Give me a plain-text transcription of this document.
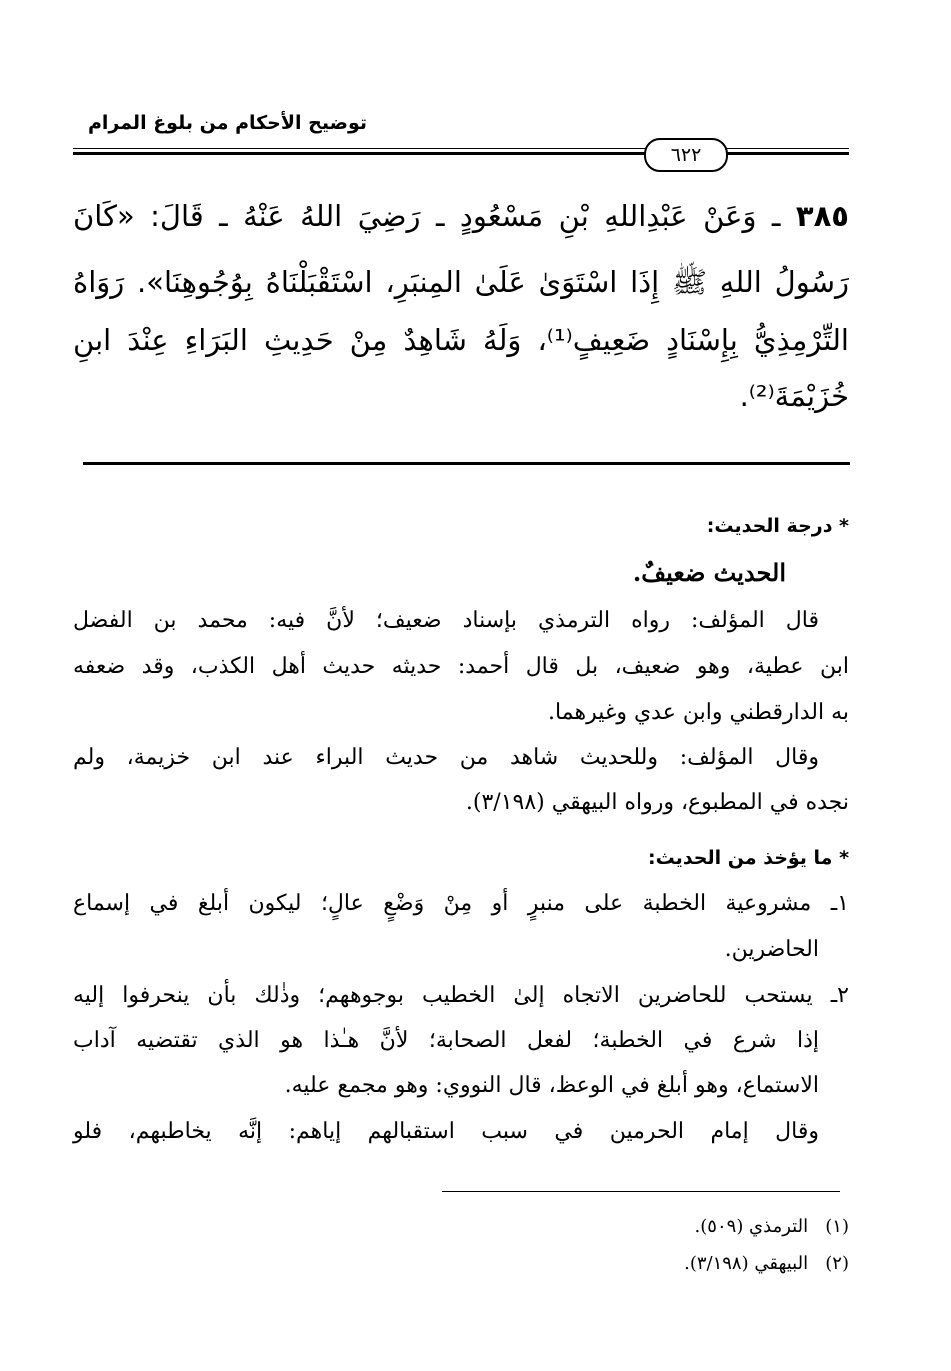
توضيح الأحكام من بلوغ المرام
٦٢٢
٣٨٥ ـ وَعَنْ عَبْدِاللهِ بْنِ مَسْعُودٍ ـ رَضِيَ اللهُ عَنْهُ ـ قَالَ: «كَانَ
رَسُولُ اللهِ ﷺ إِذَا اسْتَوَىٰ عَلَىٰ المِنبَرِ، اسْتَقْبَلْنَاهُ بِوُجُوهِنَا». رَوَاهُ
التِّرْمِذِيُّ بِإِسْنَادٍ ضَعِيفٍ⁽¹⁾، وَلَهُ شَاهِدٌ مِنْ حَدِيثِ البَرَاءِ عِنْدَ ابنِ
خُزَيْمَةَ⁽²⁾.
* درجة الحديث:
الحديث ضعيفٌ.
قال المؤلف: رواه الترمذي بإسناد ضعيف؛ لأنَّ فيه: محمد بن الفضل
ابن عطية، وهو ضعيف، بل قال أحمد: حديثه حديث أهل الكذب، وقد ضعفه
به الدارقطني وابن عدي وغيرهما.
وقال المؤلف: وللحديث شاهد من حديث البراء عند ابن خزيمة، ولم
نجده في المطبوع، ورواه البيهقي (٣/١٩٨).
* ما يؤخذ من الحديث:
١ـ مشروعية الخطبة على منبرٍ أو مِنْ وَضْعٍ عالٍ؛ ليكون أبلغ في إسماع
الحاضرين.
٢ـ يستحب للحاضرين الاتجاه إلىٰ الخطيب بوجوههم؛ وذٰلك بأن ينحرفوا إليه
إذا شرع في الخطبة؛ لفعل الصحابة؛ لأنَّ هـٰذا هو الذي تقتضيه آداب
الاستماع، وهو أبلغ في الوعظ، قال النووي: وهو مجمع عليه.
وقال إمام الحرمين في سبب استقبالهم إياهم: إنَّه يخاطبهم، فلو
(١)   الترمذي (٥٠٩).
(٢)   البيهقي (٣/١٩٨).
